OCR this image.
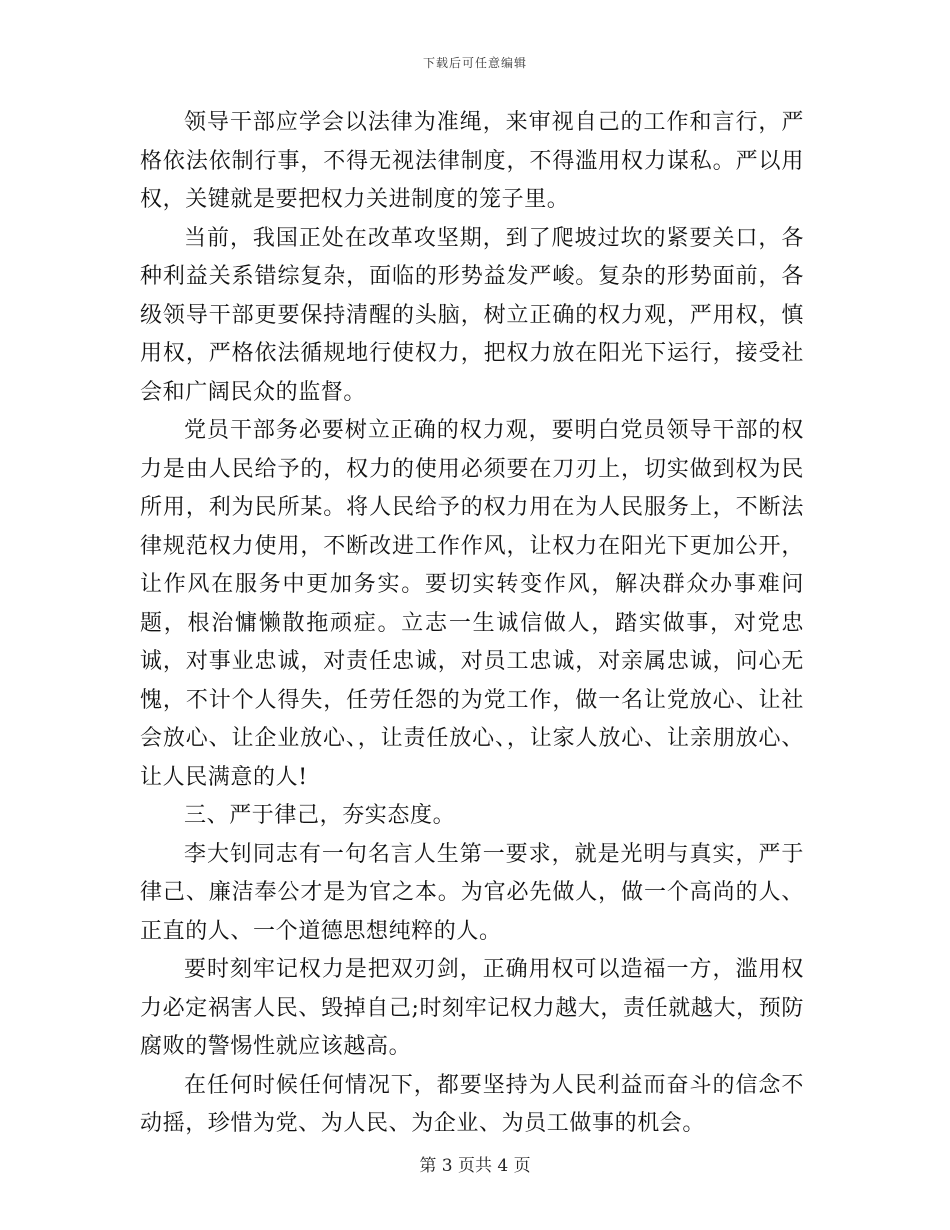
下载后可任意编辑

领导干部应学会以法律为准绳，来审视自己的工作和言行，严格依法依制行事，不得无视法律制度，不得滥用权力谋私。严以用权，关键就是要把权力关进制度的笼子里。

当前，我国正处在改革攻坚期，到了爬坡过坎的紧要关口，各种利益关系错综复杂，面临的形势益发严峻。复杂的形势面前，各级领导干部更要保持清醒的头脑，树立正确的权力观，严用权，慎用权，严格依法循规地行使权力，把权力放在阳光下运行，接受社会和广阔民众的监督。

党员干部务必要树立正确的权力观，要明白党员领导干部的权力是由人民给予的，权力的使用必须要在刀刃上，切实做到权为民所用，利为民所某。将人民给予的权力用在为人民服务上，不断法律规范权力使用，不断改进工作作风，让权力在阳光下更加公开，让作风在服务中更加务实。要切实转变作风，解决群众办事难问题，根治慵懒散拖顽症。立志一生诚信做人，踏实做事，对党忠诚，对事业忠诚，对责任忠诚，对员工忠诚，对亲属忠诚，问心无愧，不计个人得失，任劳任怨的为党工作，做一名让党放心、让社会放心、让企业放心、，让责任放心、，让家人放心、让亲朋放心、让人民满意的人!

三、严于律己，夯实态度。

李大钊同志有一句名言人生第一要求，就是光明与真实，严于律己、廉洁奉公才是为官之本。为官必先做人，做一个高尚的人、正直的人、一个道德思想纯粹的人。

要时刻牢记权力是把双刃剑，正确用权可以造福一方，滥用权力必定祸害人民、毁掉自己;时刻牢记权力越大，责任就越大，预防腐败的警惕性就应该越高。

在任何时候任何情况下，都要坚持为人民利益而奋斗的信念不动摇，珍惜为党、为人民、为企业、为员工做事的机会。

第 3 页共 4 页
